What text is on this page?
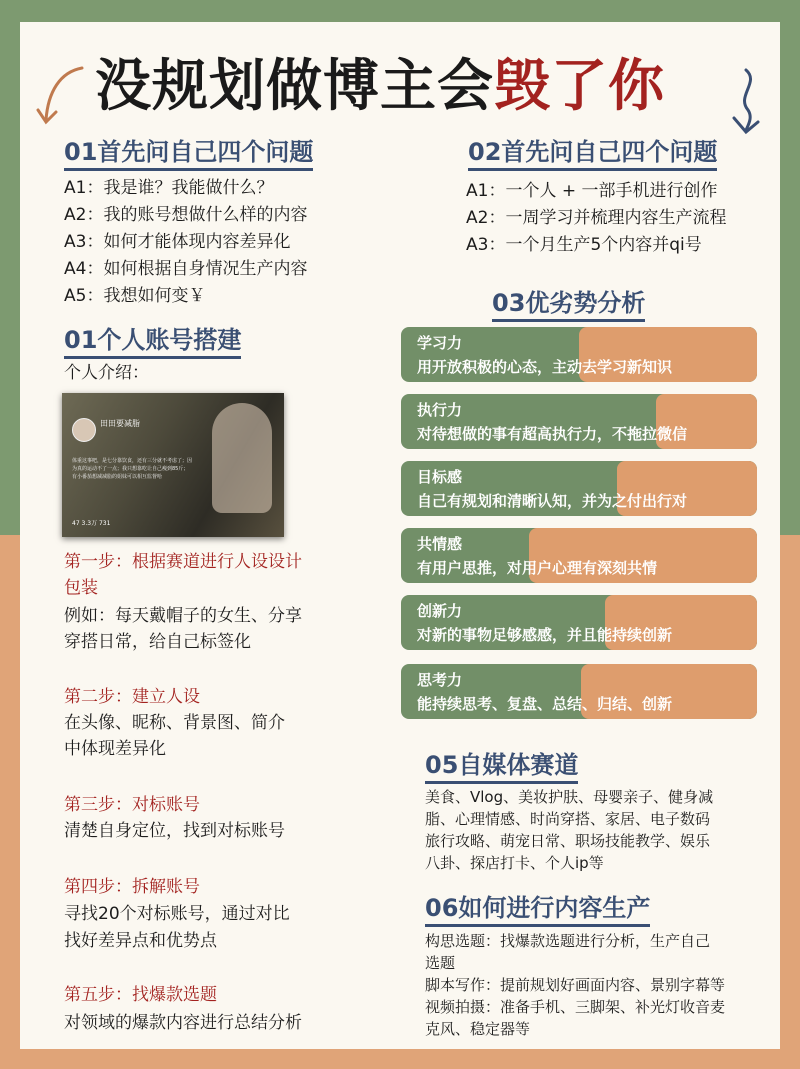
没规划做博主会毁了你
01首先问自己四个问题
A1：我是谁？我能做什么？
A2：我的账号想做什么样的内容
A3：如何才能体现内容差异化
A4：如何根据自身情况生产内容
A5：我想如何变￥
02首先问自己四个问题
A1：一个人 + 一部手机进行创作
A2：一周学习并梳理内容生产流程
A3：一个月生产5个内容并qi号
01个人账号搭建
个人介绍：
田田要减脂
体重这事吧，是七分靠饮食，还有三分就不考虑了；因为真的运动不了一点；我只想靠吃让自己瘦到85斤；有小番茄想减减脂的姐妹可以相互监督哈
47 3.3万 731
第一步：根据赛道进行人设设计
包装
例如：每天戴帽子的女生、分享
穿搭日常，给自己标签化
第二步：建立人设
在头像、昵称、背景图、简介
中体现差异化
第三步：对标账号
清楚自身定位，找到对标账号
第四步：拆解账号
寻找20个对标账号，通过对比
找好差异点和优势点
第五步：找爆款选题
对领域的爆款内容进行总结分析
03优劣势分析
学习力
用开放积极的心态，主动去学习新知识
执行力
对待想做的事有超高执行力，不拖拉微信
目标感
自己有规划和清晰认知，并为之付出行对
共情感
有用户思推，对用户心理有深刻共情
创新力
对新的事物足够感感，并且能持续创新
思考力
能持续思考、复盘、总结、归结、创新
05自媒体赛道
美食、Vlog、美妆护肤、母婴亲子、健身减
脂、心理情感、时尚穿搭、家居、电子数码
旅行攻略、萌宠日常、职场技能教学、娱乐
八卦、探店打卡、个人ip等
06如何进行内容生产
构思选题：找爆款选题进行分析，生产自己
选题
脚本写作：提前规划好画面内容、景别字幕等
视频拍摄：准备手机、三脚架、补光灯收音麦
克风、稳定器等
